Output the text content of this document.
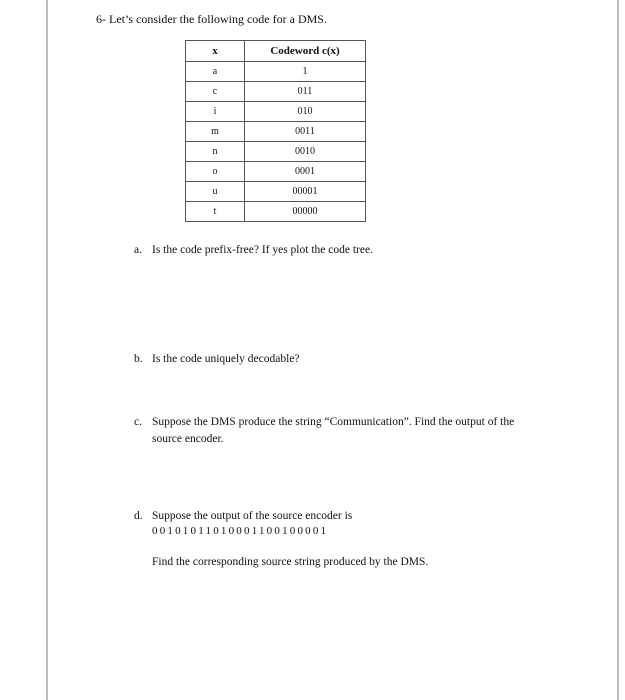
6- Let’s consider the following code for a DMS.
x	Codeword c(x)
a	1
c	011
i	010
m	0011
n	0010
o	0001
u	00001
t	00000
a. Is the code prefix-free? If yes plot the code tree.
b. Is the code uniquely decodable?
c. Suppose the DMS produce the string “Communication”. Find the output of the
source encoder.
d. Suppose the output of the source encoder is
00101011010001100100001
Find the corresponding source string produced by the DMS.
